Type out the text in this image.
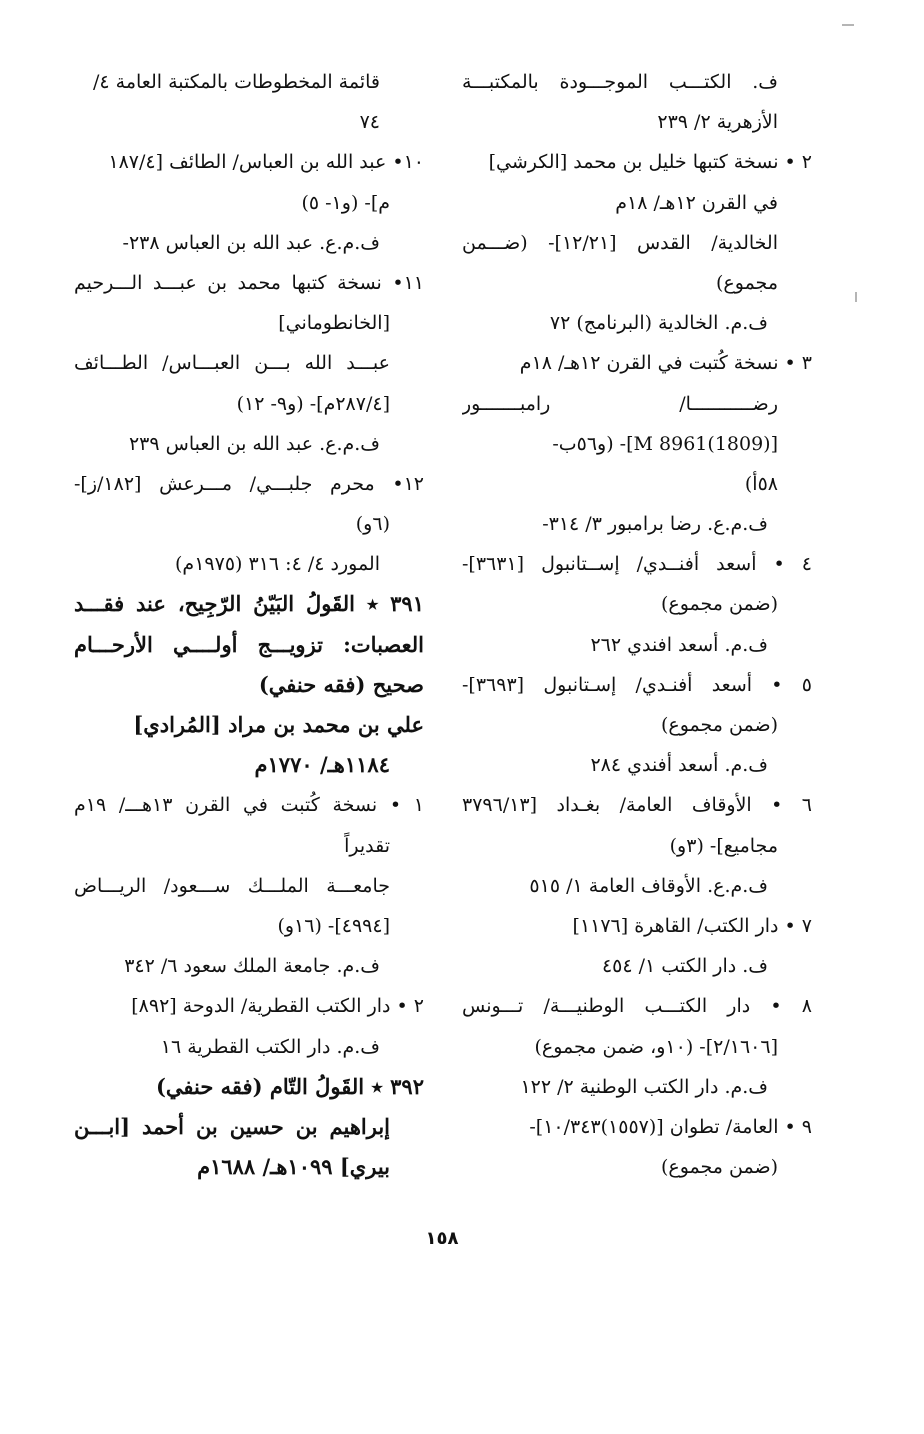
ف. الكتـــب الموجـــودة بالمكتبـــة
الأزهرية ٢/ ٢٣٩
٢ • نسخة كتبها خليل بن محمد [الكرشي]
في القرن ١٢هـ/ ١٨م
الخالدية/ القدس [١٢/٢١]- (ضـــمن
مجموع)
ف.م. الخالدية (البرنامج) ٧٢
٣ • نسخة كُتبت في القرن ١٢هـ/ ١٨م
رضـــــــــــا/ رامبـــــــور
[(1809)8961 M]- (و٥٦ب-
٥٨أ)
ف.م.ع. رضا برامبور ٣/ ٣١٤-
٤ • أسعد أفنــدي/ إســتانبول [٣٦٣١]-
(ضمن مجموع)
ف.م. أسعد افندي ٢٦٢
٥ • أسعد أفنـدي/ إسـتانبول [٣٦٩٣]-
(ضمن مجموع)
ف.م. أسعد أفندي ٢٨٤
٦ • الأوقاف العامة/ بغـداد [٣٧٩٦/١٣
مجاميع]- (٣و)
ف.م.ع. الأوقاف العامة ١/ ٥١٥
٧ • دار الكتب/ القاهرة [١١٧٦]
ف. دار الكتب ١/ ٤٥٤
٨ • دار الكتـــب الوطنيـــة/ تـــونس
[٢/١٦٠٦]- (١٠و، ضمن مجموع)
ف.م. دار الكتب الوطنية ٢/ ١٢٢
٩ • العامة/ تطوان [(١٥٥٧)١٠/٣٤٣]-
(ضمن مجموع)
قائمة المخطوطات بالمكتبة العامة ٤/
٧٤
١٠• عبد الله بن العباس/ الطائف [١٨٧/٤
م]- (و١- ٥)
ف.م.ع. عبد الله بن العباس ٢٣٨-
١١• نسخة كتبها محمد بن عبـــد الـــرحيم
[الخانطوماني]
عبـــد الله بـــن العبـــاس/ الطـــائف
[٢٨٧/٤م]- (و٩- ١٢)
ف.م.ع. عبد الله بن العباس ٢٣٩
١٢• محرم جلبـــي/ مـــرعش [١٨٢/ز]-
(٦و)
المورد ٤/ ٤: ٣١٦ (١٩٧٥م)
٣٩١ ٭ القَولُ البَيّنُ الرّجِيح، عند فقـــد
العصبات: تزويـــج أولــــي الأرحـــام
صحيح (فقه حنفي)
علي بن محمد بن مراد [المُرادي]
١١٨٤هـ/ ١٧٧٠م
١ • نسخة كُتبت في القرن ١٣هـــ/ ١٩م
تقديراً
جامعـــة الملـــك ســـعود/ الريـــاض
[٤٩٩٤]- (١٦و)
ف.م. جامعة الملك سعود ٦/ ٣٤٢
٢ • دار الكتب القطرية/ الدوحة [٨٩٢]
ف.م. دار الكتب القطرية ١٦
٣٩٢ ٭ القَولُ التّام (فقه حنفي)
إبراهيم بن حسين بن أحمد [ابـــن
بيري] ١٠٩٩هـ/ ١٦٨٨م
١٥٨
